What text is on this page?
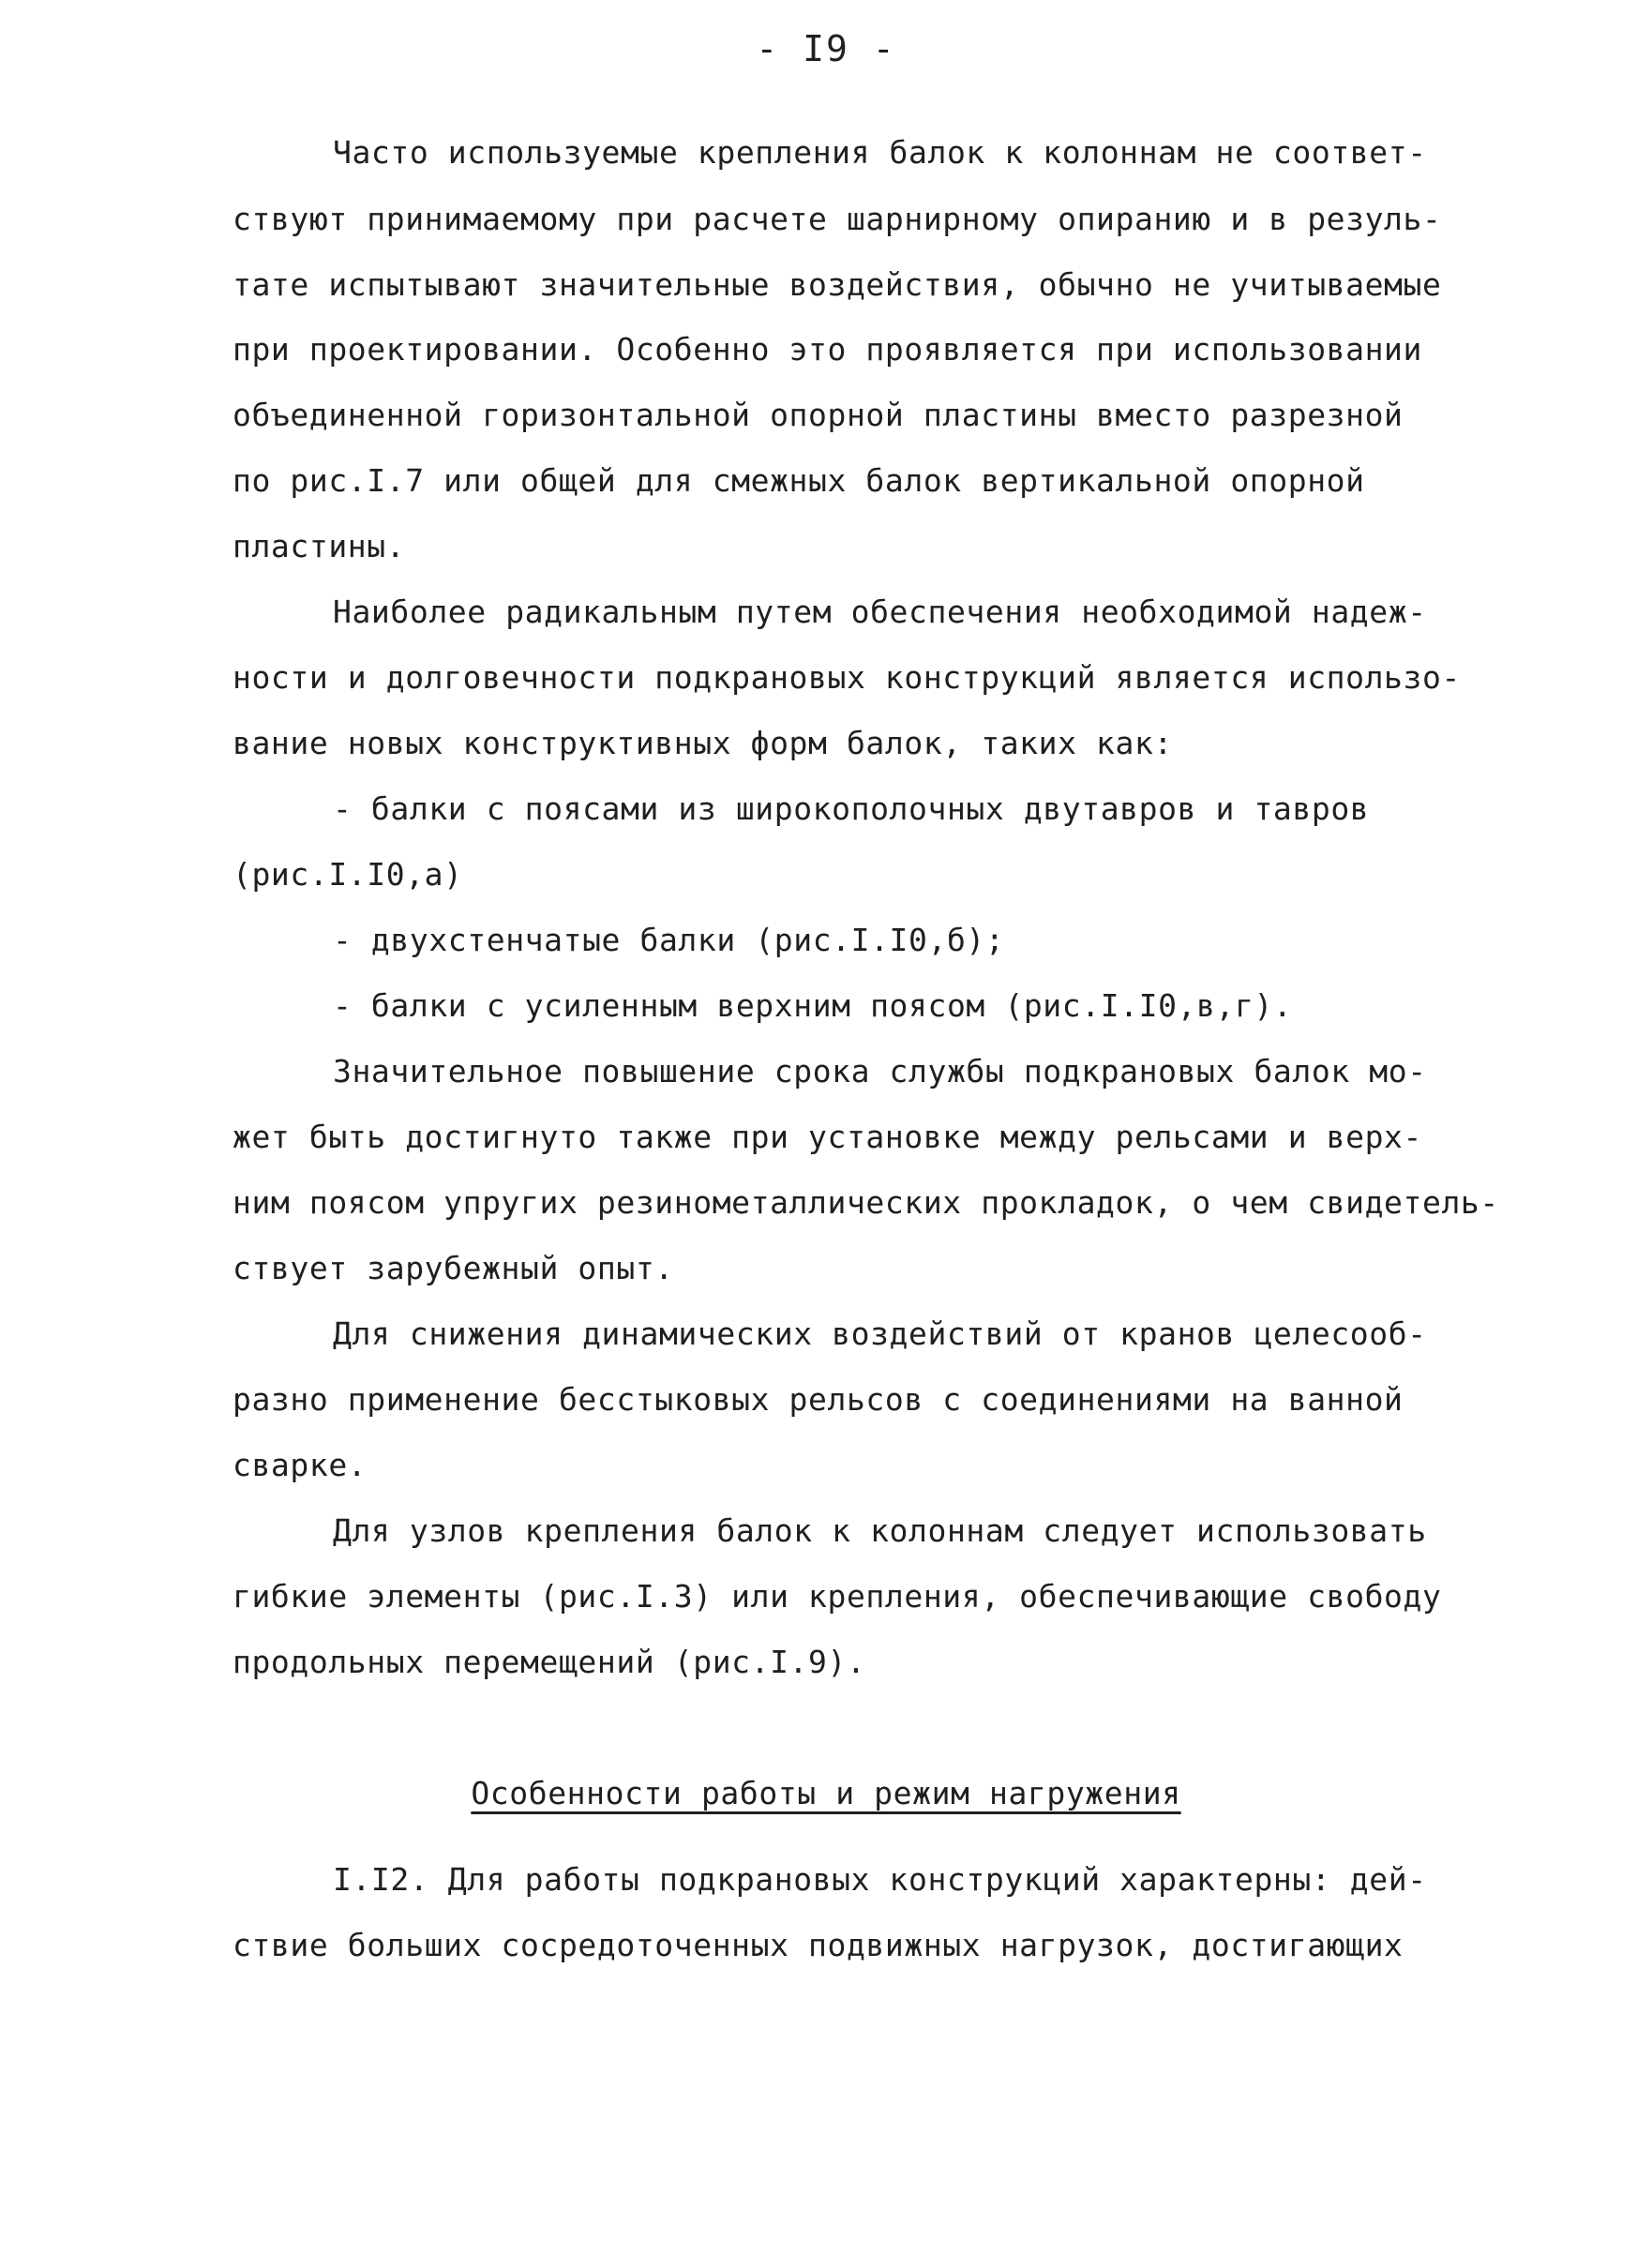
- I9 -
Часто используемые крепления балок к колоннам не соответ-
ствуют принимаемому при расчете шарнирному опиранию и в резуль-
тате испытывают значительные воздействия, обычно не учитываемые
при проектировании. Особенно это проявляется при использовании
объединенной горизонтальной опорной пластины вместо разрезной
по рис.I.7 или общей для смежных балок вертикальной опорной
пластины.
Наиболее радикальным путем обеспечения необходимой надеж-
ности и долговечности подкрановых конструкций является использо-
вание новых конструктивных форм балок, таких как:
- балки с поясами из широкополочных двутавров и тавров
(рис.I.I0,а)
- двухстенчатые балки (рис.I.I0,б);
- балки с усиленным верхним поясом (рис.I.I0,в,г).
Значительное повышение срока службы подкрановых балок мо-
жет быть достигнуто также при установке между рельсами и верх-
ним поясом упругих резинометаллических прокладок, о чем свидетель-
ствует зарубежный опыт.
Для снижения динамических воздействий от кранов целесооб-
разно применение бесстыковых рельсов с соединениями на ванной
сварке.
Для узлов крепления балок к колоннам следует использовать
гибкие элементы (рис.I.3) или крепления, обеспечивающие свободу
продольных перемещений (рис.I.9).
Особенности работы и режим нагружения
I.I2. Для работы подкрановых конструкций характерны: дей-
ствие больших сосредоточенных подвижных нагрузок, достигающих
